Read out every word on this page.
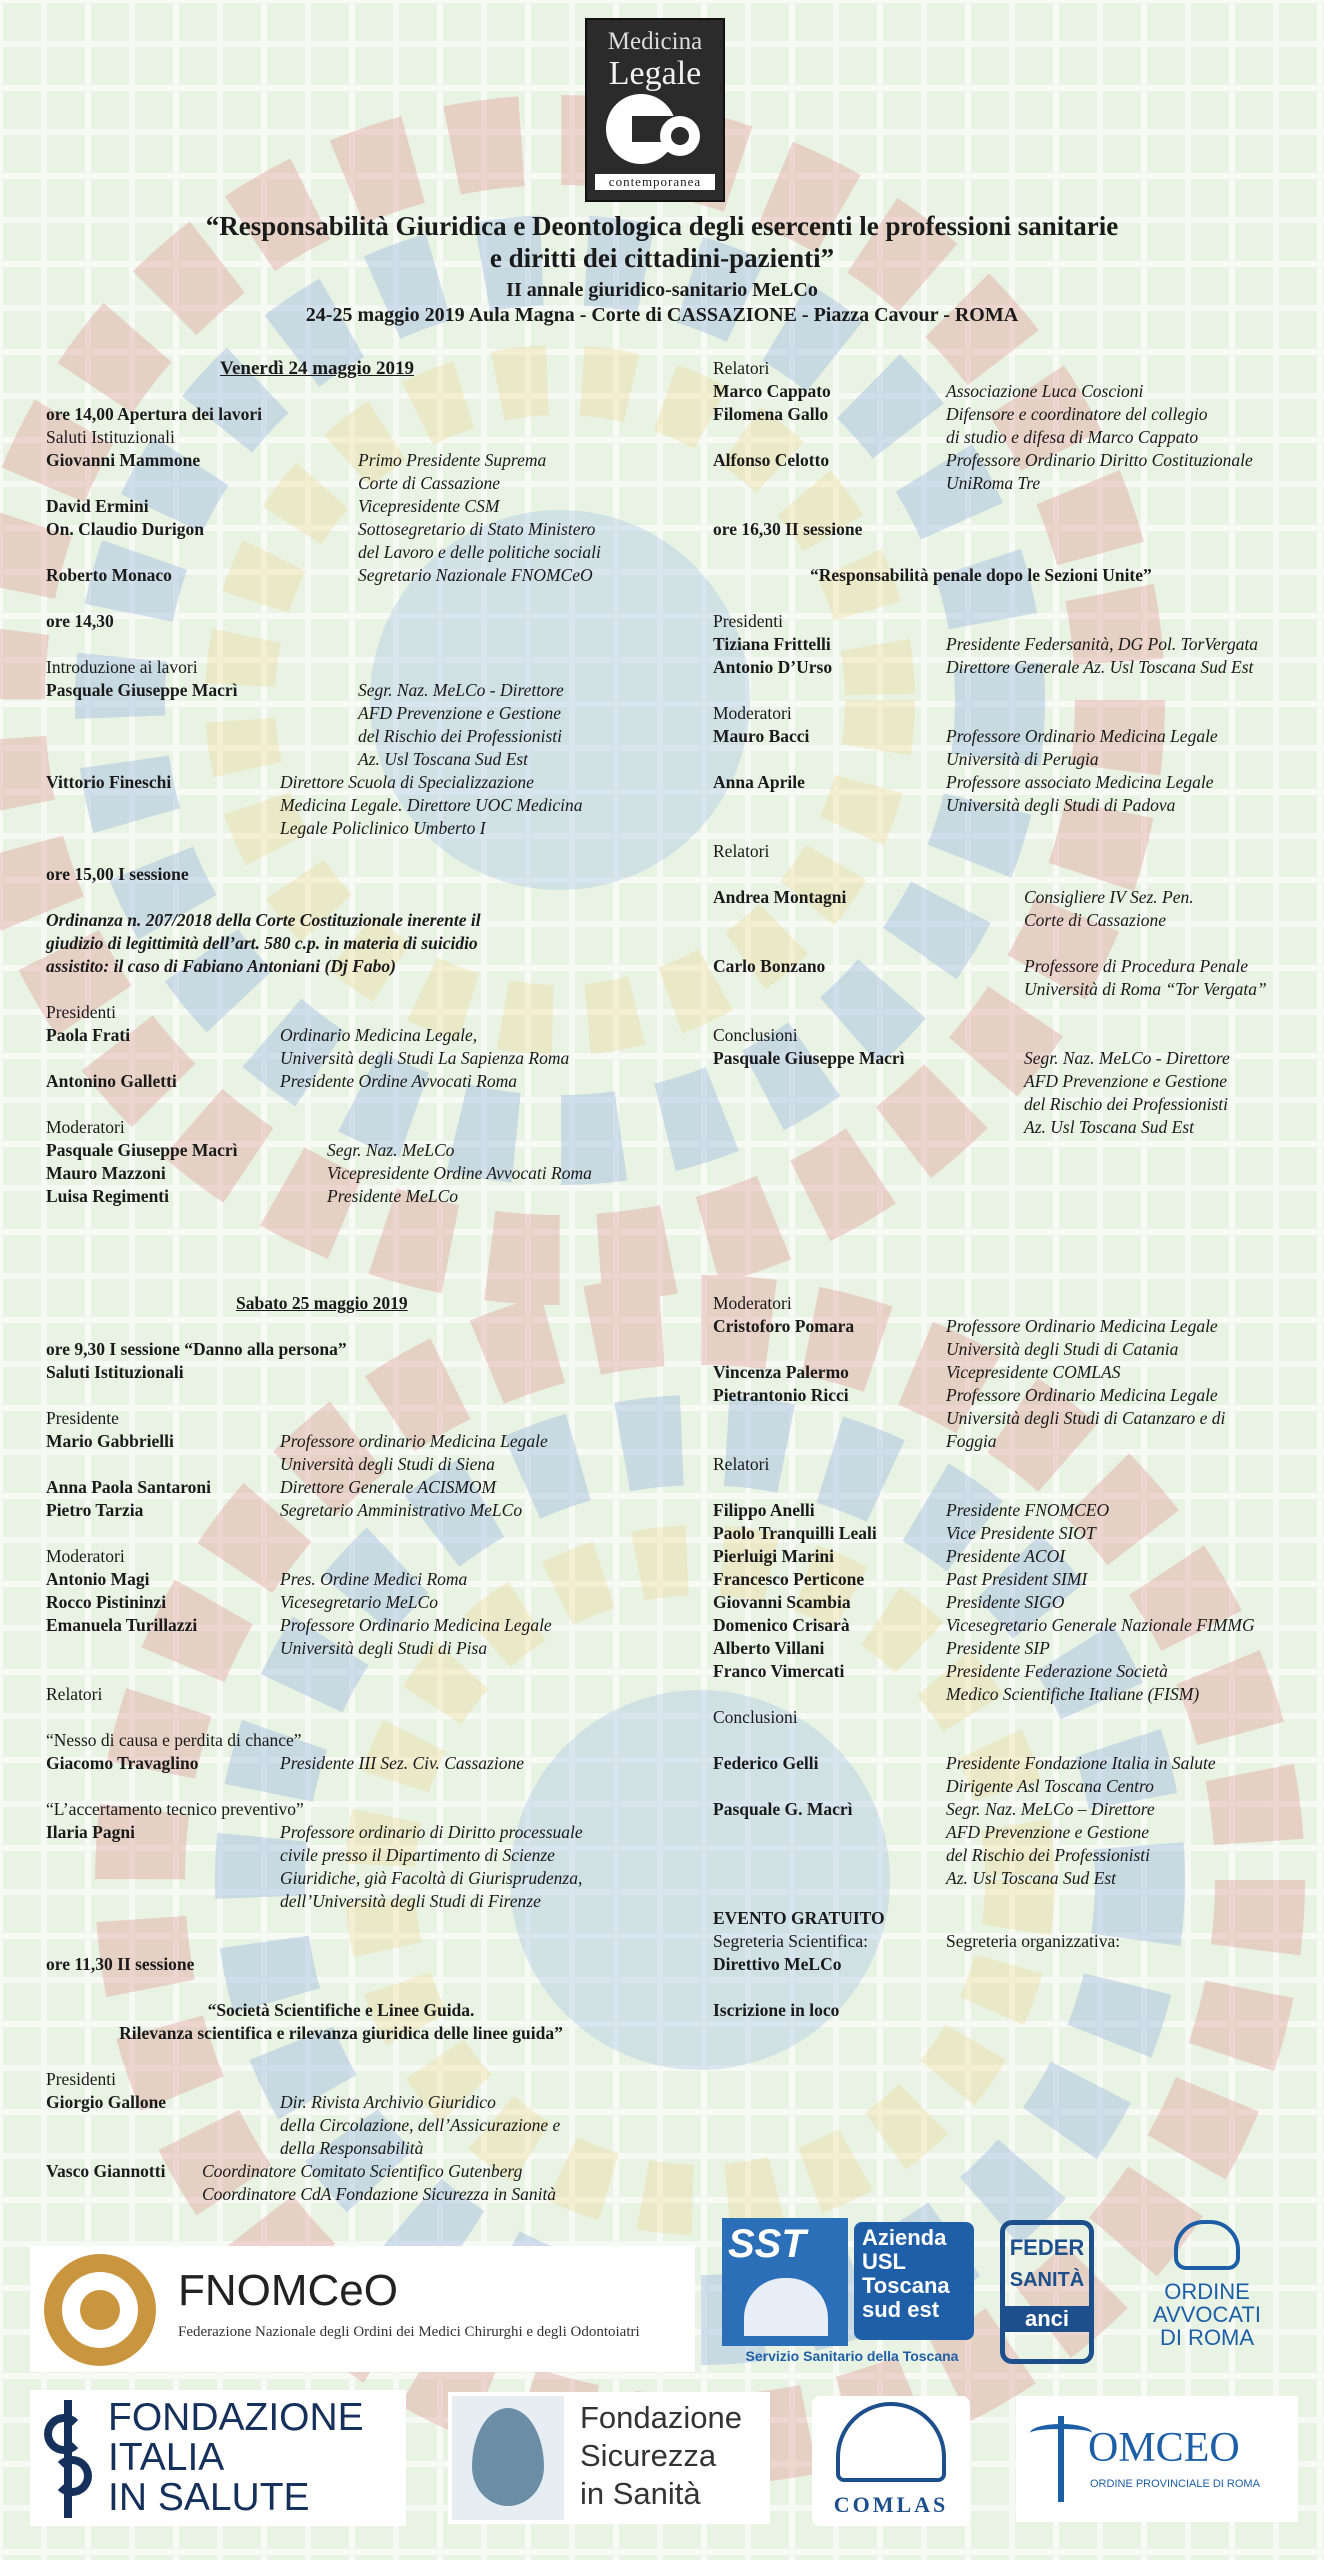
Medicina
Legale
contemporanea
“Responsabilità Giuridica e Deontologica degli esercenti le professioni sanitarie
e diritti dei cittadini-pazienti”
II annale giuridico-sanitario MeLCo
24-25 maggio 2019 Aula Magna - Corte di CASSAZIONE - Piazza Cavour - ROMA
Venerdì 24 maggio 2019
ore 14,00 Apertura dei lavori
Saluti Istituzionali
Giovanni Mammone	Primo Presidente Suprema
Corte di Cassazione
David Ermini	Vicepresidente CSM
On. Claudio Durigon	Sottosegretario di Stato Ministero
del Lavoro e delle politiche sociali
Roberto Monaco	Segretario Nazionale FNOMCeO
ore 14,30
Introduzione ai lavori
Pasquale Giuseppe Macrì	Segr. Naz. MeLCo - Direttore
AFD Prevenzione e Gestione
del Rischio dei Professionisti
Az. Usl Toscana Sud Est
Vittorio Fineschi	Direttore Scuola di Specializzazione
Medicina Legale. Direttore UOC Medicina
Legale Policlinico Umberto I
ore 15,00 I sessione
Ordinanza n. 207/2018 della Corte Costituzionale inerente il
giudizio di legittimità dell’art. 580 c.p. in materia di suicidio
assistito: il caso di Fabiano Antoniani (Dj Fabo)
Presidenti
Paola Frati	Ordinario Medicina Legale,
Università degli Studi La Sapienza Roma
Antonino Galletti	Presidente Ordine Avvocati Roma
Moderatori
Pasquale Giuseppe Macrì	Segr. Naz. MeLCo
Mauro Mazzoni	Vicepresidente Ordine Avvocati Roma
Luisa Regimenti	Presidente MeLCo
Relatori
Marco Cappato	Associazione Luca Coscioni
Filomena Gallo	Difensore e coordinatore del collegio
di studio e difesa di Marco Cappato
Alfonso Celotto	Professore Ordinario Diritto Costituzionale
UniRoma Tre
ore 16,30 II sessione
“Responsabilità penale dopo le Sezioni Unite”
Presidenti
Tiziana Frittelli	Presidente Federsanità, DG Pol. TorVergata
Antonio D’Urso	Direttore Generale Az. Usl Toscana Sud Est
Moderatori
Mauro Bacci	Professore Ordinario Medicina Legale
Università di Perugia
Anna Aprile	Professore associato Medicina Legale
Università degli Studi di Padova
Relatori
Andrea Montagni	Consigliere IV Sez. Pen.
Corte di Cassazione
Carlo Bonzano	Professore di Procedura Penale
Università di Roma “Tor Vergata”
Conclusioni
Pasquale Giuseppe Macrì	Segr. Naz. MeLCo - Direttore
AFD Prevenzione e Gestione
del Rischio dei Professionisti
Az. Usl Toscana Sud Est
Sabato 25 maggio 2019
ore 9,30 I sessione “Danno alla persona”
Saluti Istituzionali
Presidente
Mario Gabbrielli	Professore ordinario Medicina Legale
Università degli Studi di Siena
Anna Paola Santaroni	Direttore Generale ACISMOM
Pietro Tarzia	Segretario Amministrativo MeLCo
Moderatori
Antonio Magi	Pres. Ordine Medici Roma
Rocco Pistininzi	Vicesegretario MeLCo
Emanuela Turillazzi	Professore Ordinario Medicina Legale
Università degli Studi di Pisa
Relatori
“Nesso di causa e perdita di chance”
Giacomo Travaglino	Presidente III Sez. Civ. Cassazione
“L’accertamento tecnico preventivo”
Ilaria Pagni	Professore ordinario di Diritto processuale
civile presso il Dipartimento di Scienze
Giuridiche, già Facoltà di Giurisprudenza,
dell’Università degli Studi di Firenze
ore 11,30 II sessione
“Società Scientifiche e Linee Guida.
Rilevanza scientifica e rilevanza giuridica delle linee guida”
Presidenti
Giorgio Gallone	Dir. Rivista Archivio Giuridico
della Circolazione, dell’Assicurazione e
della Responsabilità
Vasco Giannotti Coordinatore Comitato Scientifico Gutenberg
Coordinatore CdA Fondazione Sicurezza in Sanità
Moderatori
Cristoforo Pomara	Professore Ordinario Medicina Legale
Università degli Studi di Catania
Vincenza Palermo	Vicepresidente COMLAS
Pietrantonio Ricci	Professore Ordinario Medicina Legale
Università degli Studi di Catanzaro e di
Foggia
Relatori
Filippo Anelli	Presidente FNOMCEO
Paolo Tranquilli Leali	Vice Presidente SIOT
Pierluigi Marini	Presidente ACOI
Francesco Perticone	Past President SIMI
Giovanni Scambia	Presidente SIGO
Domenico Crisarà	Vicesegretario Generale Nazionale FIMMG
Alberto Villani	Presidente SIP
Franco Vimercati	Presidente Federazione Società
Medico Scientifiche Italiane (FISM)
Conclusioni
Federico Gelli	Presidente Fondazione Italia in Salute
Dirigente Asl Toscana Centro
Pasquale G. Macrì	Segr. Naz. MeLCo – Direttore
AFD Prevenzione e Gestione
del Rischio dei Professionisti
Az. Usl Toscana Sud Est
EVENTO GRATUITO
Segreteria Scientifica:	Segreteria organizzativa:
Direttivo MeLCo
Iscrizione in loco
FNOMCeO
Federazione Nazionale degli Ordini dei Medici Chirurghi e degli Odontoiatri
SST	Azienda
USL
Toscana
sud est
Servizio Sanitario della Toscana
FEDER
SANITÀ
anci
ORDINE
AVVOCATI
DI ROMA
FONDAZIONE
ITALIA
IN SALUTE
Fondazione
Sicurezza
in Sanità	COMLAS
OMCEO
ORDINE PROVINCIALE DI ROMA
